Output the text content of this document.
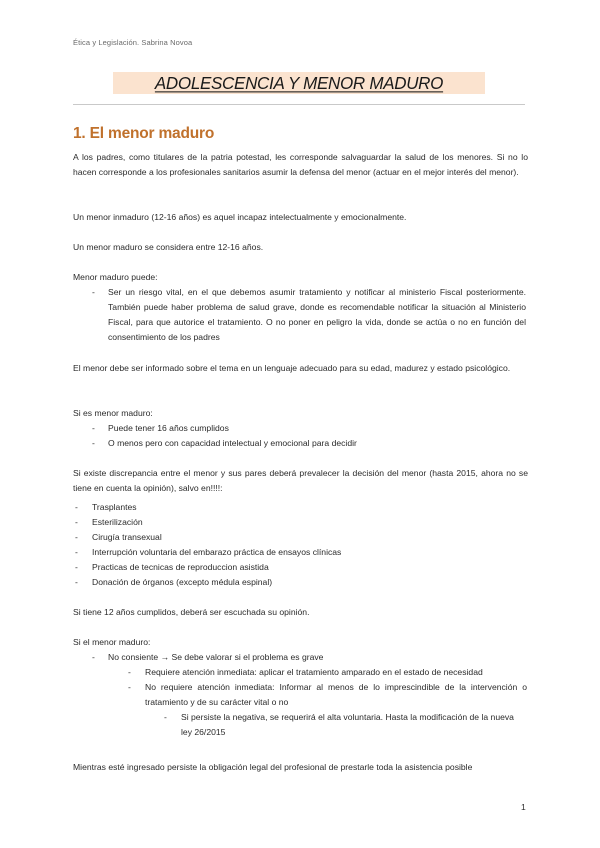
Ética y Legislación. Sabrina Novoa
ADOLESCENCIA Y MENOR MADURO
1. El menor maduro

A los padres, como titulares de la patria potestad, les corresponde salvaguardar la salud de los menores. Si no lo hacen corresponde a los profesionales sanitarios asumir la defensa del menor (actuar en el mejor interés del menor).

Un menor inmaduro (12-16 años) es aquel incapaz intelectualmente y emocionalmente.

Un menor maduro se considera entre 12-16 años.

Menor maduro puede:

- Ser un riesgo vital, en el que debemos asumir tratamiento y notificar al ministerio Fiscal posteriormente. También puede haber problema de salud grave, donde es recomendable notificar la situación al Ministerio Fiscal, para que autorice el tratamiento. O no poner en peligro la vida, donde se actúa o no en función del consentimiento de los padres

El menor debe ser informado sobre el tema en un lenguaje adecuado para su edad, madurez y estado psicológico.

Si es menor maduro:

- Puede tener 16 años cumplidos
- O menos pero con capacidad intelectual y emocional para decidir

Si existe discrepancia entre el menor y sus pares deberá prevalecer la decisión del menor (hasta 2015, ahora no se tiene en cuenta la opinión), salvo en!!!!:

- Trasplantes
- Esterilización
- Cirugía transexual
- Interrupción voluntaria del embarazo práctica de ensayos clínicas
- Practicas de tecnicas de reproduccion asistida
- Donación de órganos (excepto médula espinal)

Si tiene 12 años cumplidos, deberá ser escuchada su opinión.

Si el menor maduro:

- No consiente → Se debe valorar si el problema es grave
- Requiere atención inmediata: aplicar el tratamiento amparado en el estado de necesidad
- No requiere atención inmediata: Informar al menos de lo imprescindible de la intervención o tratamiento y de su carácter vital o no
- Si persiste la negativa, se requerirá el alta voluntaria. Hasta la modificación de la nueva ley 26/2015

Mientras esté ingresado persiste la obligación legal del profesional de prestarle toda la asistencia posible

1
